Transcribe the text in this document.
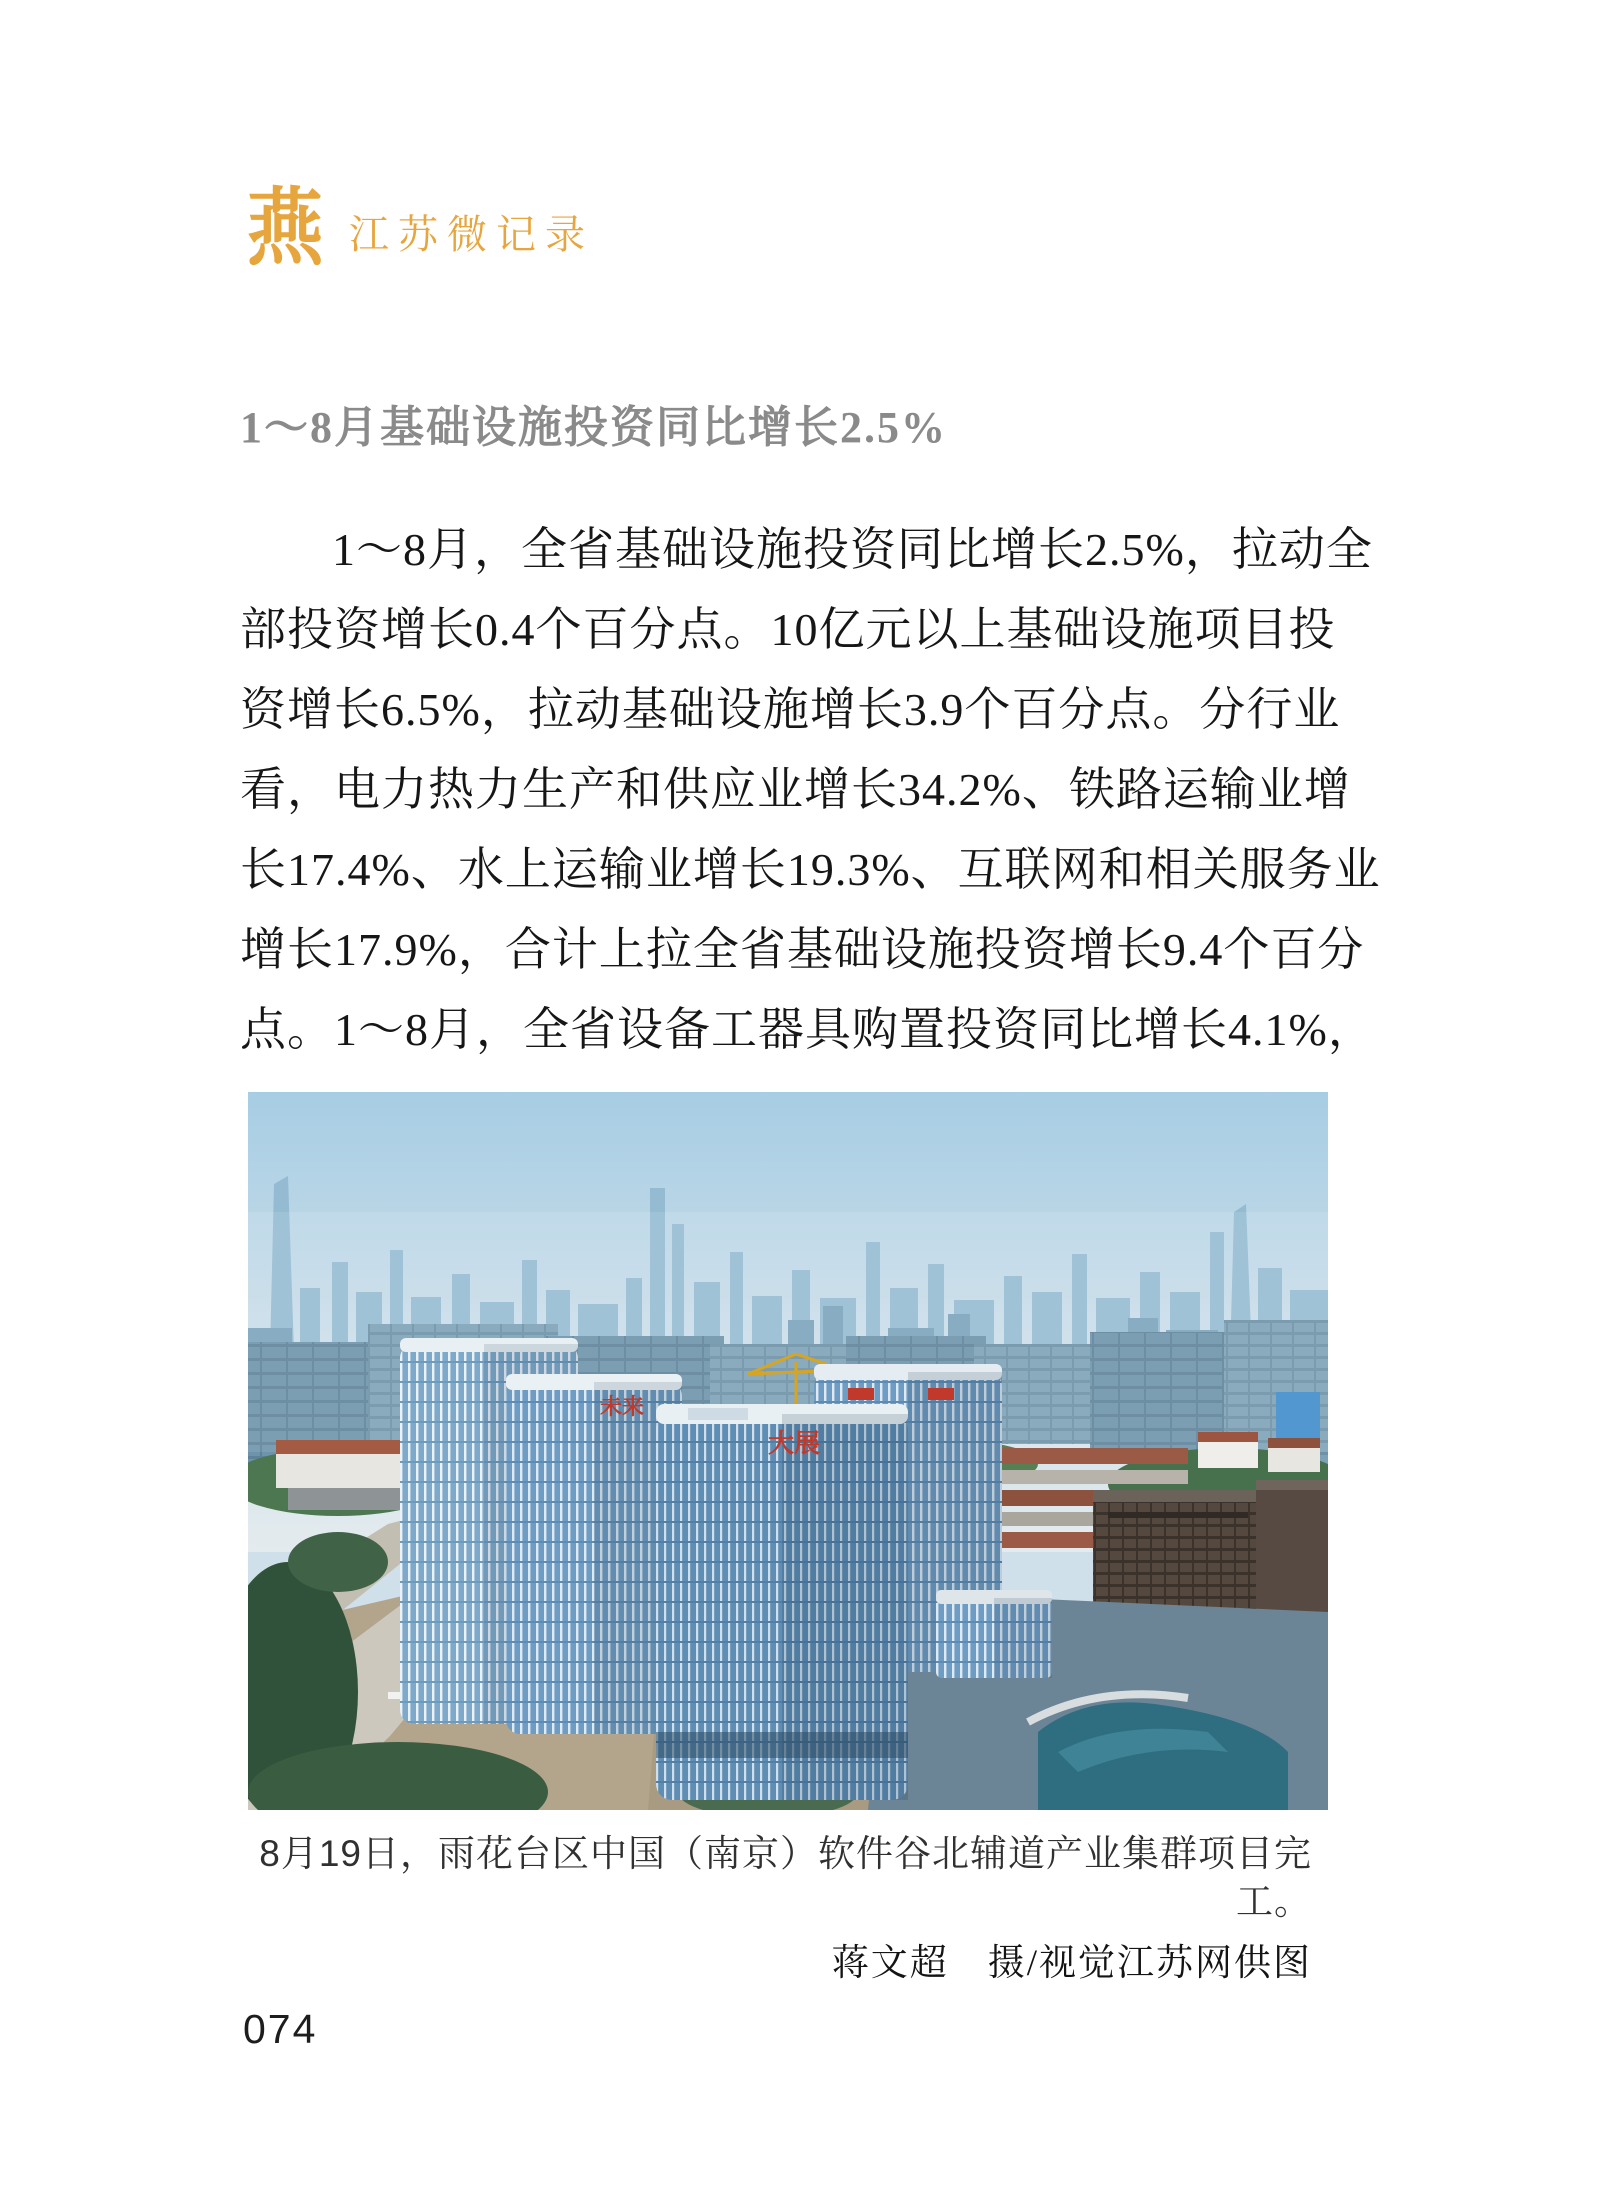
燕 江苏微记录
1～8月基础设施投资同比增长2.5%
1～8月，全省基础设施投资同比增长2.5%，拉动全
部投资增长0.4个百分点。10亿元以上基础设施项目投
资增长6.5%，拉动基础设施增长3.9个百分点。分行业
看，电力热力生产和供应业增长34.2%、铁路运输业增
长17.4%、水上运输业增长19.3%、互联网和相关服务业
增长17.9%，合计上拉全省基础设施投资增长9.4个百分
点。1～8月，全省设备工器具购置投资同比增长4.1%，
未来
大展
8月19日，雨花台区中国（南京）软件谷北辅道产业集群项目完工。
蒋文超　摄/视觉江苏网供图
074
